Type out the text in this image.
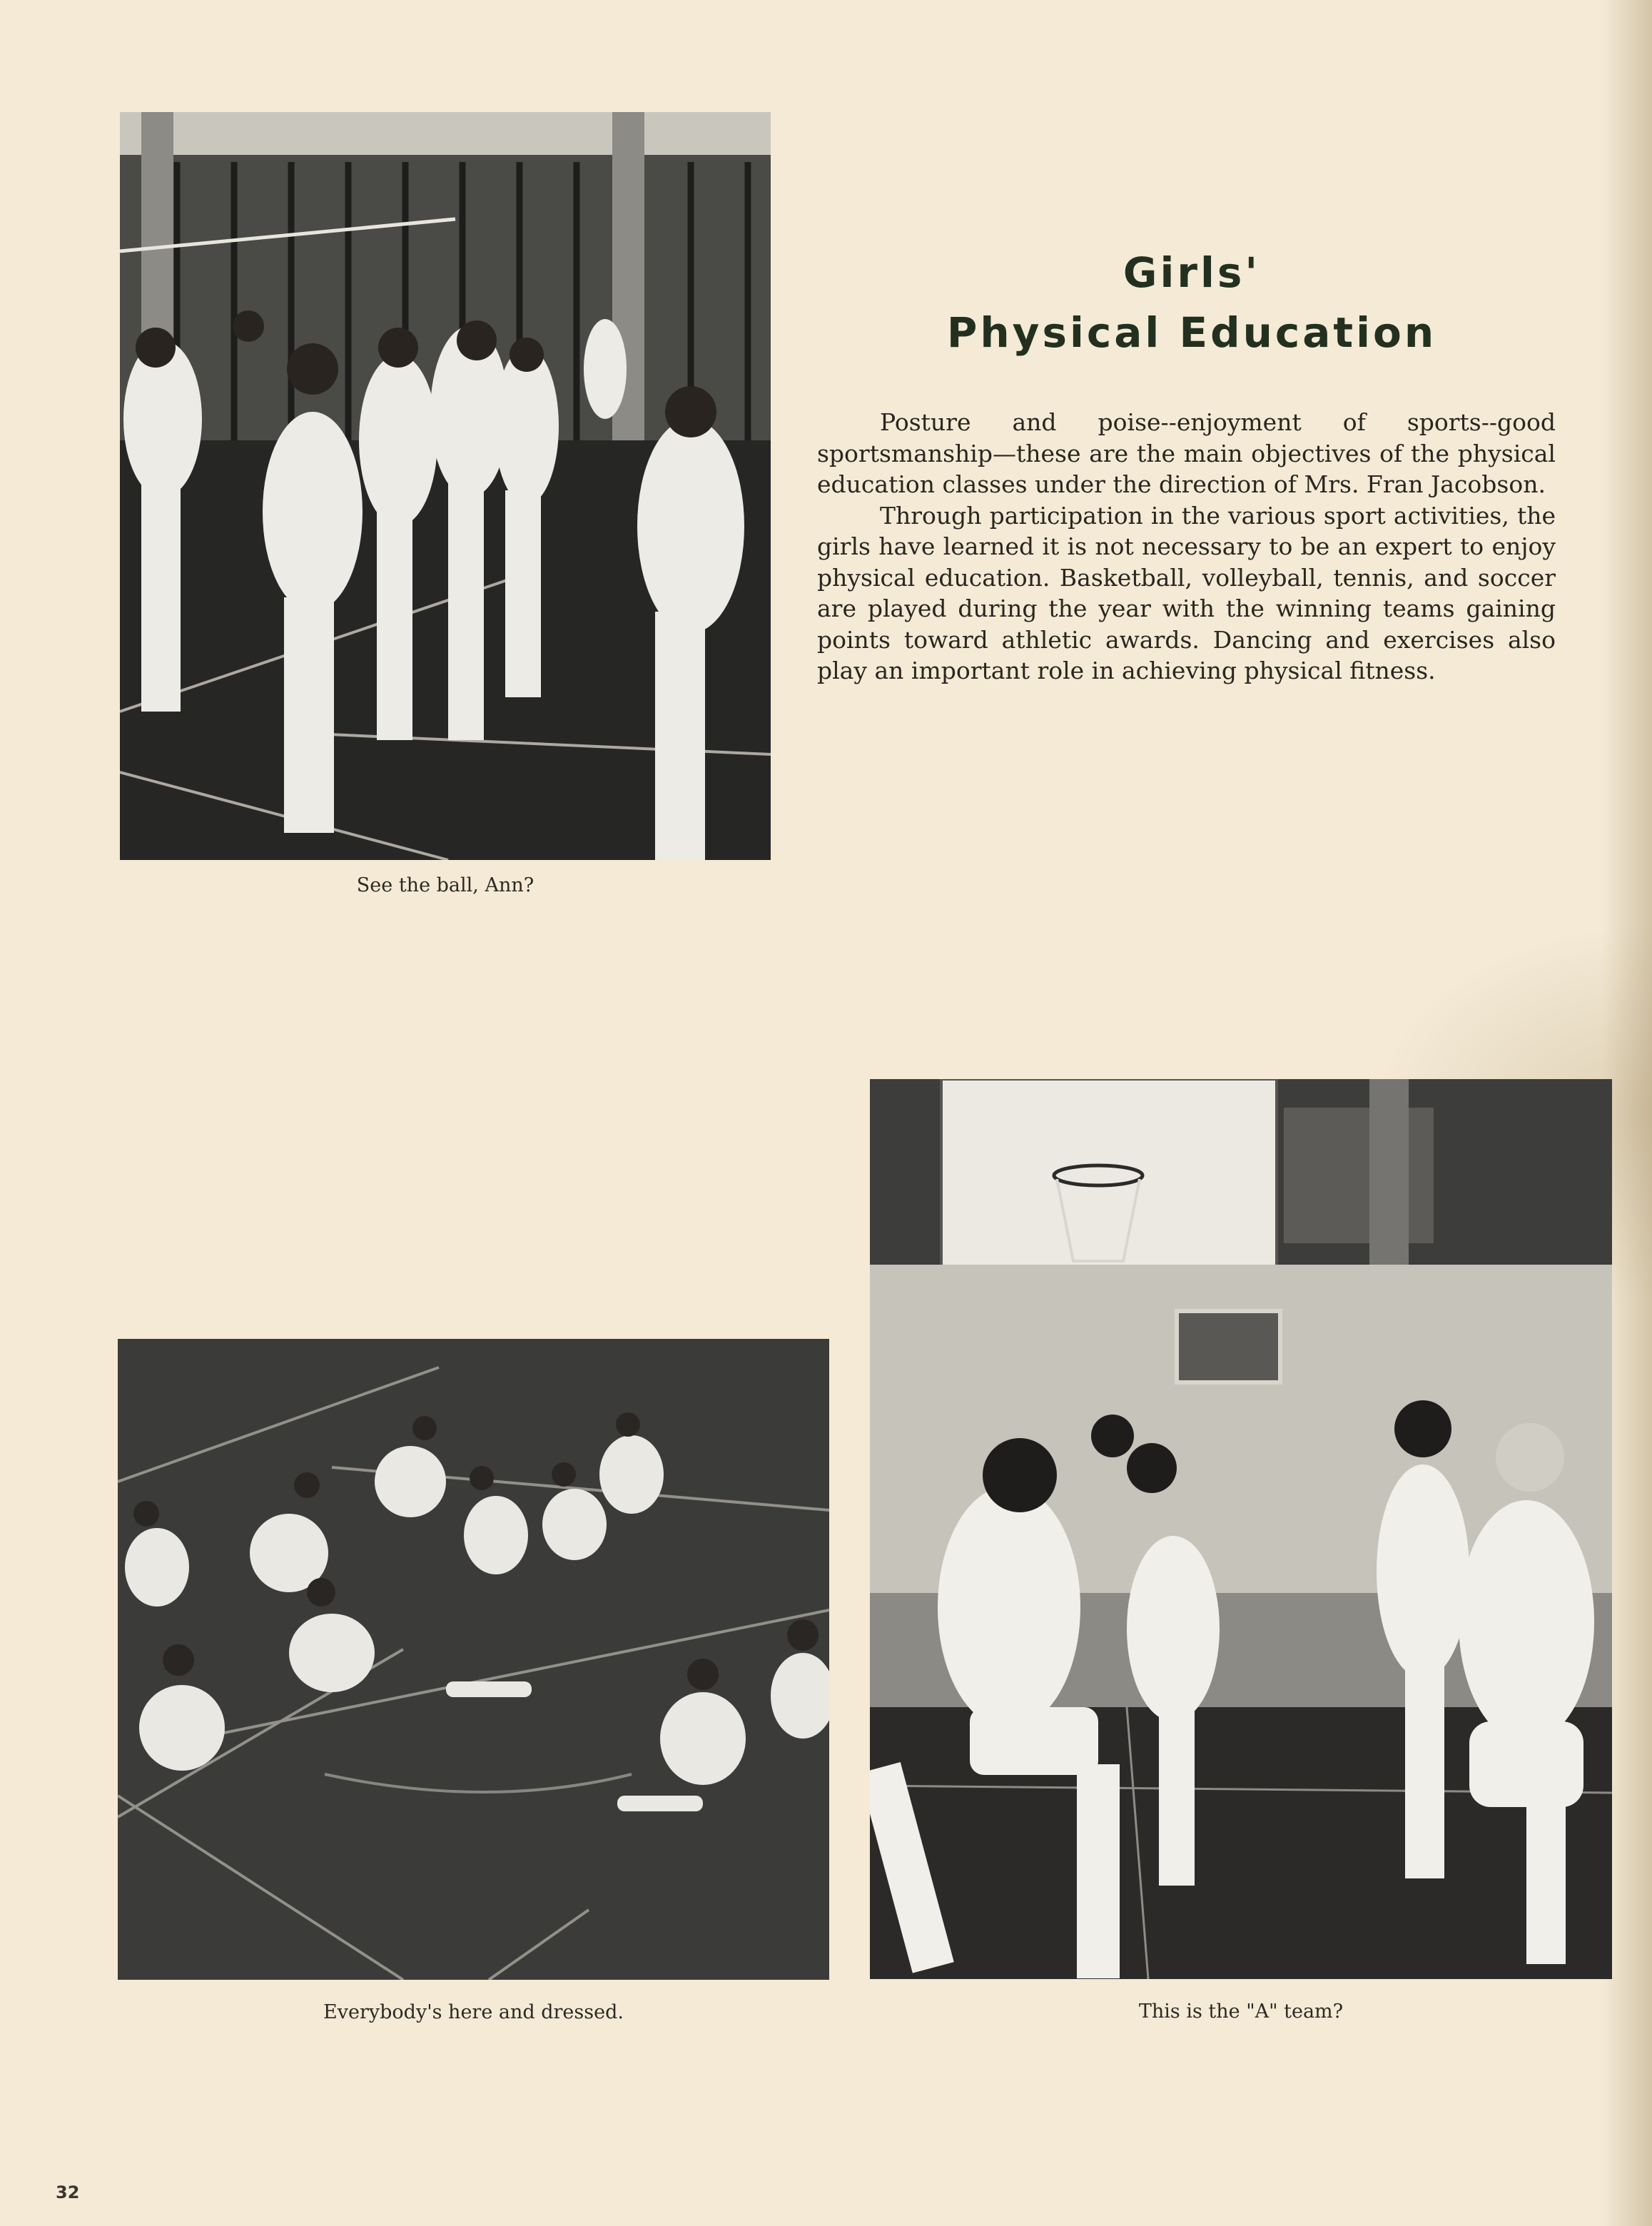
See the ball, Ann?
Girls'
Physical Education

Posture and poise--enjoyment of sports--good sportsmanship—these are the main objectives of the physical education classes under the direction of Mrs. Fran Jacobson.

Through participation in the various sport activities, the girls have learned it is not necessary to be an expert to enjoy physical education. Basketball, volleyball, tennis, and soccer are played during the year with the winning teams gaining points toward athletic awards. Dancing and exercises also play an important role in achieving physical fitness.

Everybody's here and dressed.	This is the "A" team?
32
